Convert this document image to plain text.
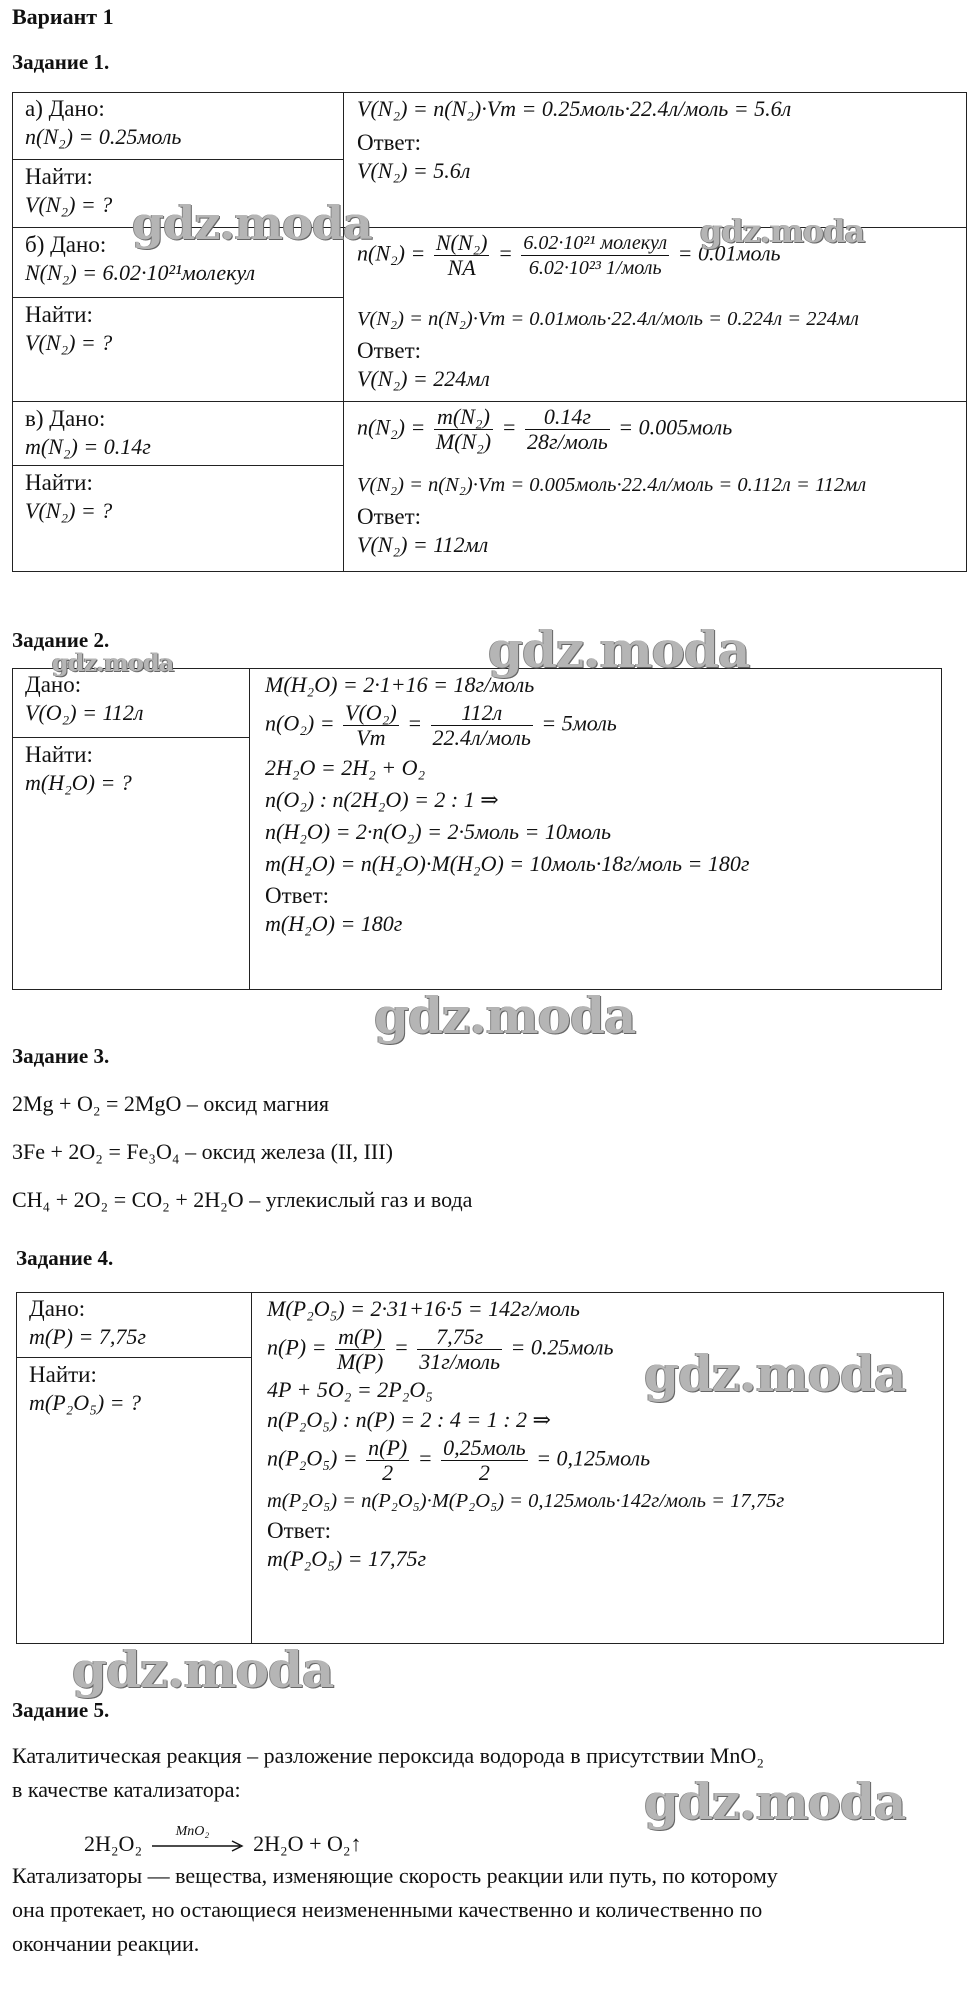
Вариант 1
Задание 1.
а) Дано:
n(N₂) = 0.25моль
Найти:
V(N₂) = ?
V(N₂) = n(N₂)·Vm = 0.25моль·22.4л/моль = 5.6л
Ответ:
V(N₂) = 5.6л
б) Дано:
N(N₂) = 6.02·10²¹молекул
Найти:
V(N₂) = ?
$n(N_2) = \frac{\text{N(N₂)}}{NA} = \frac{\text{6.02·10²¹ молекул}}{\text{6.02·10²³ 1/моль}}$ = 0.01моль
V(N₂) = n(N₂)·Vm = 0.01моль·22.4л/моль = 0.224л = 224мл
Ответ:
V(N₂) = 224мл
в) Дано:
m(N₂) = 0.14г
Найти:
V(N₂) = ?
$n(N_2) = \frac{\text{m(N₂)}}{\text{M(N₂)}} = \frac{0.14г}{\text{28г/моль}}$ = 0.005моль
V(N₂) = n(N₂)·Vm = 0.005моль·22.4л/моль = 0.112л = 112мл
Ответ:
V(N₂) = 112мл
Задание 2.
Дано:
V(O₂) = 112л
Найти:
m(H₂O) = ?
M(H₂O) = 2·1+16 = 18г/моль
$n(O_2) = \frac{\text{V(O₂)}}{Vm} = \frac{112л}{\text{22.4л/моль}}$ = 5моль
2H₂O = 2H₂ + O₂
n(O₂) : n(2H₂O) = 2 : 1 ⇒
n(H₂O) = 2·n(O₂) = 2·5моль = 10моль
m(H₂O) = n(H₂O)·M(H₂O) = 10моль·18г/моль = 180г
Ответ:
m(H₂O) = 180г
Задание 3.
2Mg + O₂ = 2MgO – оксид магния
3Fe + 2O₂ = Fe₃O₄ – оксид железа (II, III)
CH₄ + 2O₂ = CO₂ + 2H₂O – углекислый газ и вода
Задание 4.
Дано:
m(P) = 7,75г
Найти:
m(P₂O₅) = ?
M(P₂O₅) = 2·31+16·5 = 142г/моль
$n(P) = \frac{m(P)}{M(P)} = \frac{7,75г}{\text{31г/моль}}$ = 0.25моль
4P + 5O₂ = 2P₂O₅
n(P₂O₅) : n(P) = 2 : 4 = 1 : 2 ⇒
$n(P_2O_5) = \frac{n(P)}{2} = \frac{\text{0,25моль}}{2}$ = 0,125моль
m(P₂O₅) = n(P₂O₅)·M(P₂O₅) = 0,125моль·142г/моль = 17,75г
Ответ:
m(P₂O₅) = 17,75г
Задание 5.
Каталитическая реакция – разложение пероксида водорода в присутствии MnO₂
в качестве катализатора:
2H₂O₂ MnO₂ 2H₂O + O₂↑
Катализаторы — вещества, изменяющие скорость реакции или путь, по которому
она протекает, но остающиеся неизмененными качественно и количественно по
окончании реакции.
gdz.moda	gdz.moda
gdz.moda	gdz.moda
gdz.moda
gdz.moda
gdz.moda
gdz.moda
